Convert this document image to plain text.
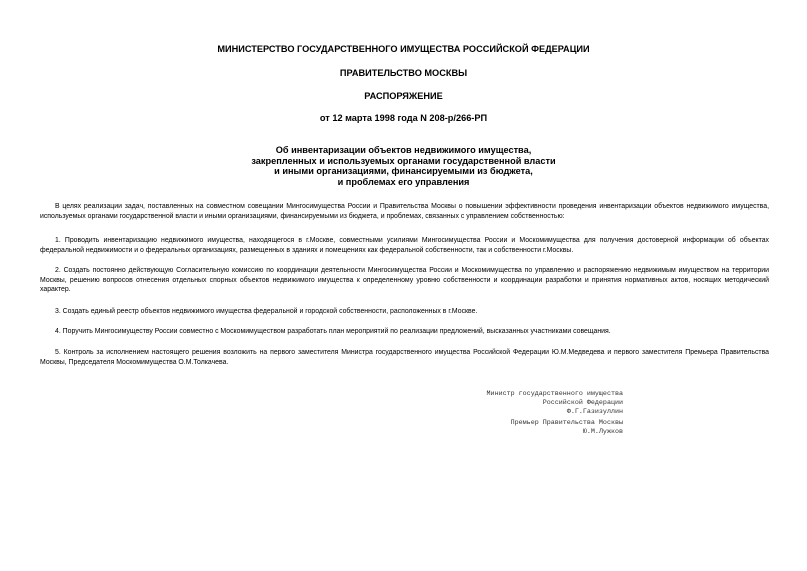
МИНИСТЕРСТВО ГОСУДАРСТВЕННОГО ИМУЩЕСТВА РОССИЙСКОЙ ФЕДЕРАЦИИ
ПРАВИТЕЛЬСТВО МОСКВЫ
РАСПОРЯЖЕНИЕ
от 12 марта 1998 года N 208-р/266-РП
Об инвентаризации объектов недвижимого имущества,
закрепленных и используемых органами государственной власти
и иными организациями, финансируемыми из бюджета,
и проблемах его управления
В целях реализации задач, поставленных на совместном совещании Мингосимущества России и Правительства Москвы о повышении эффективности проведения инвентаризации объектов недвижимого имущества, используемых органами государственной власти и иными организациями, финансируемыми из бюджета, и проблемах, связанных с управлением собственностью:
1. Проводить инвентаризацию недвижимого имущества, находящегося в г.Москве, совместными усилиями Мингосимущества России и Москомимущества для получения достоверной информации об объектах федеральной недвижимости и о федеральных организациях, размещенных в зданиях и помещениях как федеральной собственности, так и собственности г.Москвы.
2. Создать постоянно действующую Согласительную комиссию по координации деятельности Мингосимущества России и Москомимущества по управлению и распоряжению недвижимым имуществом на территории Москвы, решению вопросов отнесения отдельных спорных объектов недвижимого имущества к определенному уровню собственности и координации разработки и принятия нормативных актов, носящих методический характер.
3. Создать единый реестр объектов недвижимого имущества федеральной и городской собственности, расположенных в г.Москве.
4. Поручить Мингосимуществу России совместно с Москомимуществом разработать план мероприятий по реализации предложений, высказанных участниками совещания.
5. Контроль за исполнением настоящего решения возложить на первого заместителя Министра государственного имущества Российской Федерации Ю.М.Медведева и первого заместителя Премьера Правительства Москвы, Председателя Москомимущества О.М.Толкачева.
Министр государственного имущества
Российской Федерации
Ф.Г.Газизуллин
Премьер Правительства Москвы
Ю.М.Лужков
